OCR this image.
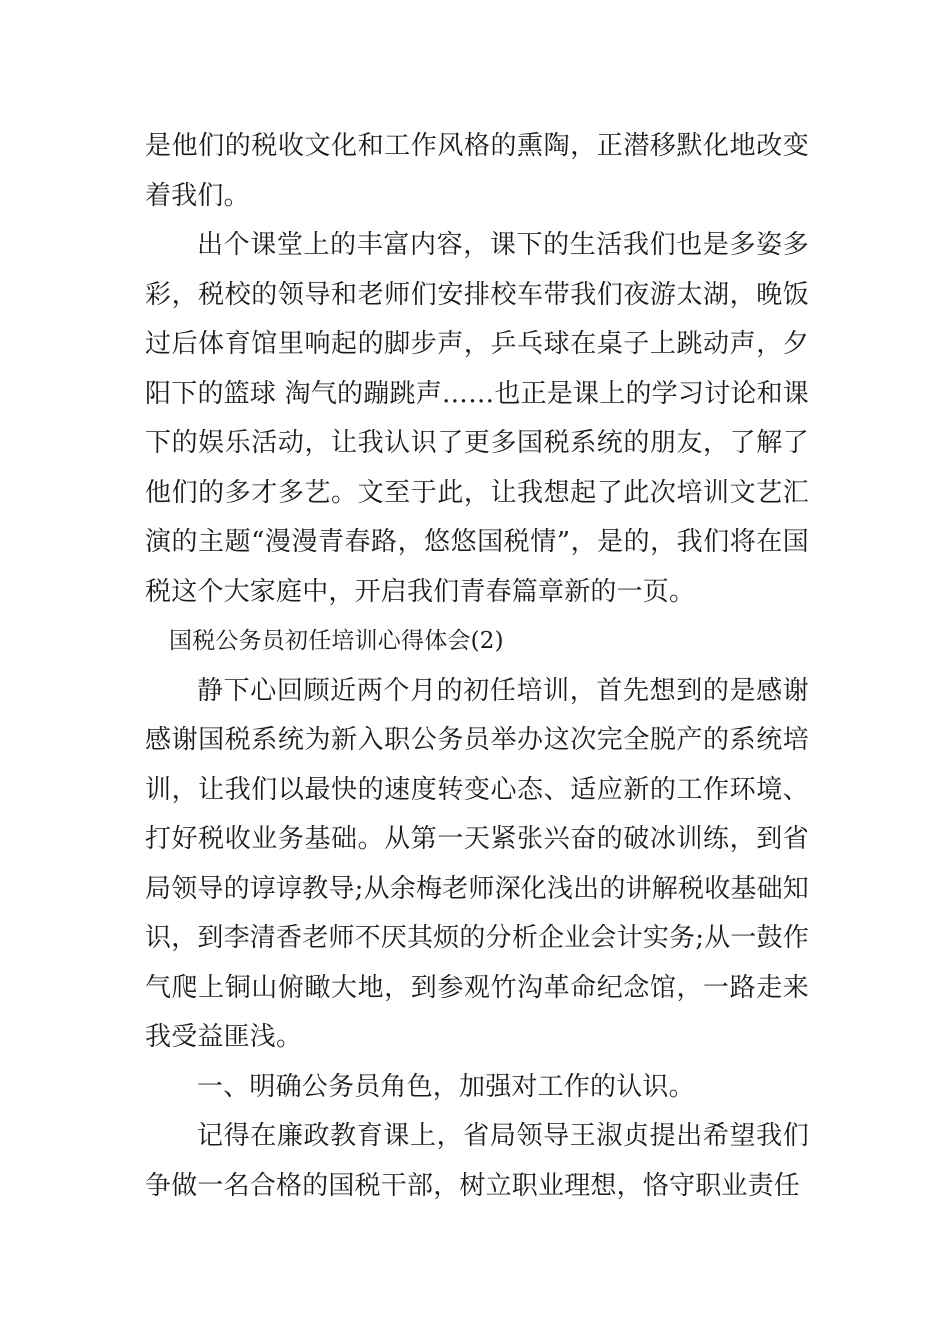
是他们的税收文化和工作风格的熏陶，正潜移默化地改变着我们。

出个课堂上的丰富内容，课下的生活我们也是多姿多彩，税校的领导和老师们安排校车带我们夜游太湖，晚饭过后体育馆里响起的脚步声，乒乓球在桌子上跳动声，夕阳下的篮球 淘气的蹦跳声……也正是课上的学习讨论和课下的娱乐活动，让我认识了更多国税系统的朋友，了解了他们的多才多艺。文至于此，让我想起了此次培训文艺汇演的主题“漫漫青春路，悠悠国税情”，是的，我们将在国税这个大家庭中，开启我们青春篇章新的一页。

国税公务员初任培训心得体会(2)

静下心回顾近两个月的初任培训，首先想到的是感谢感谢国税系统为新入职公务员举办这次完全脱产的系统培训，让我们以最快的速度转变心态、适应新的工作环境、打好税收业务基础。从第一天紧张兴奋的破冰训练，到省局领导的谆谆教导;从余梅老师深化浅出的讲解税收基础知识，到李清香老师不厌其烦的分析企业会计实务;从一鼓作气爬上铜山俯瞰大地，到参观竹沟革命纪念馆，一路走来我受益匪浅。

一、明确公务员角色，加强对工作的认识。

记得在廉政教育课上，省局领导王淑贞提出希望我们争做一名合格的国税干部，树立职业理想，恪守职业责任
